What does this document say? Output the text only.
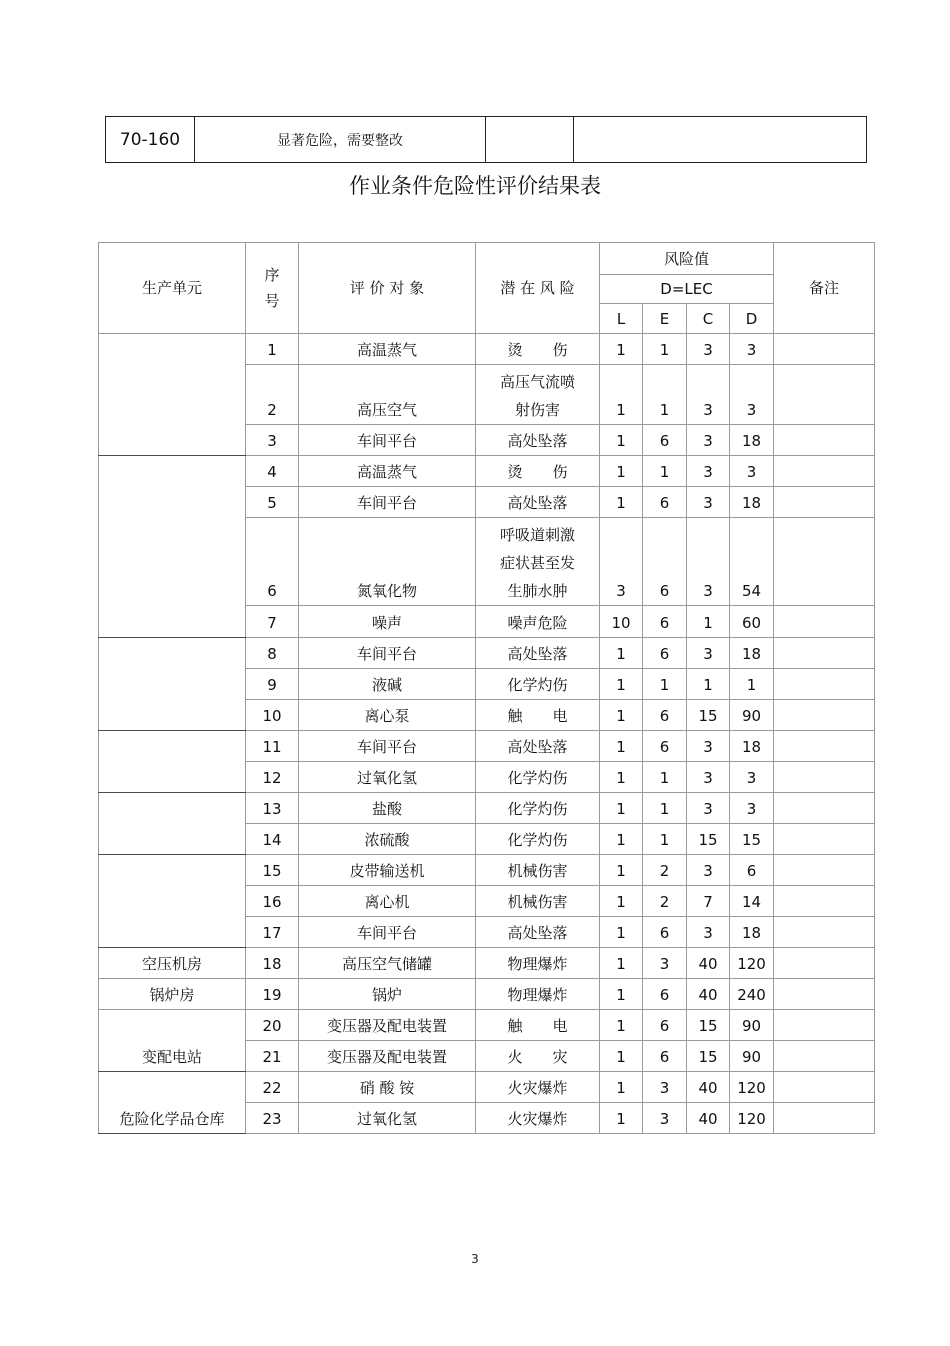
70-160	显著危险，需要整改		
作业条件危险性评价结果表
生产单元	序号	评 价 对 象	潜 在 风 险	风险值				备注
				D=LEC				
				L	E	C	D	
	1	高温蒸气	烫　　伤	1	1	3	3	
	2	高压空气	高压气流喷射伤害	1	1	3	3	
	3	车间平台	高处坠落	1	6	3	18	
	4	高温蒸气	烫　　伤	1	1	3	3	
	5	车间平台	高处坠落	1	6	3	18	
	6	氮氧化物	呼吸道刺激症状甚至发生肺水肿	3	6	3	54	
	7	噪声	噪声危险	10	6	1	60	
	8	车间平台	高处坠落	1	6	3	18	
	9	液碱	化学灼伤	1	1	1	1	
	10	离心泵	触　　电	1	6	15	90	
	11	车间平台	高处坠落	1	6	3	18	
	12	过氧化氢	化学灼伤	1	1	3	3	
	13	盐酸	化学灼伤	1	1	3	3	
	14	浓硫酸	化学灼伤	1	1	15	15	
	15	皮带输送机	机械伤害	1	2	3	6	
	16	离心机	机械伤害	1	2	7	14	
	17	车间平台	高处坠落	1	6	3	18	
空压机房	18	高压空气储罐	物理爆炸	1	3	40	120	
锅炉房	19	锅炉	物理爆炸	1	6	40	240	
变配电站	20	变压器及配电装置	触　　电	1	6	15	90	
	21	变压器及配电装置	火　　灾	1	6	15	90	
危险化学品仓库	22	硝 酸 铵	火灾爆炸	1	3	40	120	
	23	过氧化氢	火灾爆炸	1	3	40	120	
3
